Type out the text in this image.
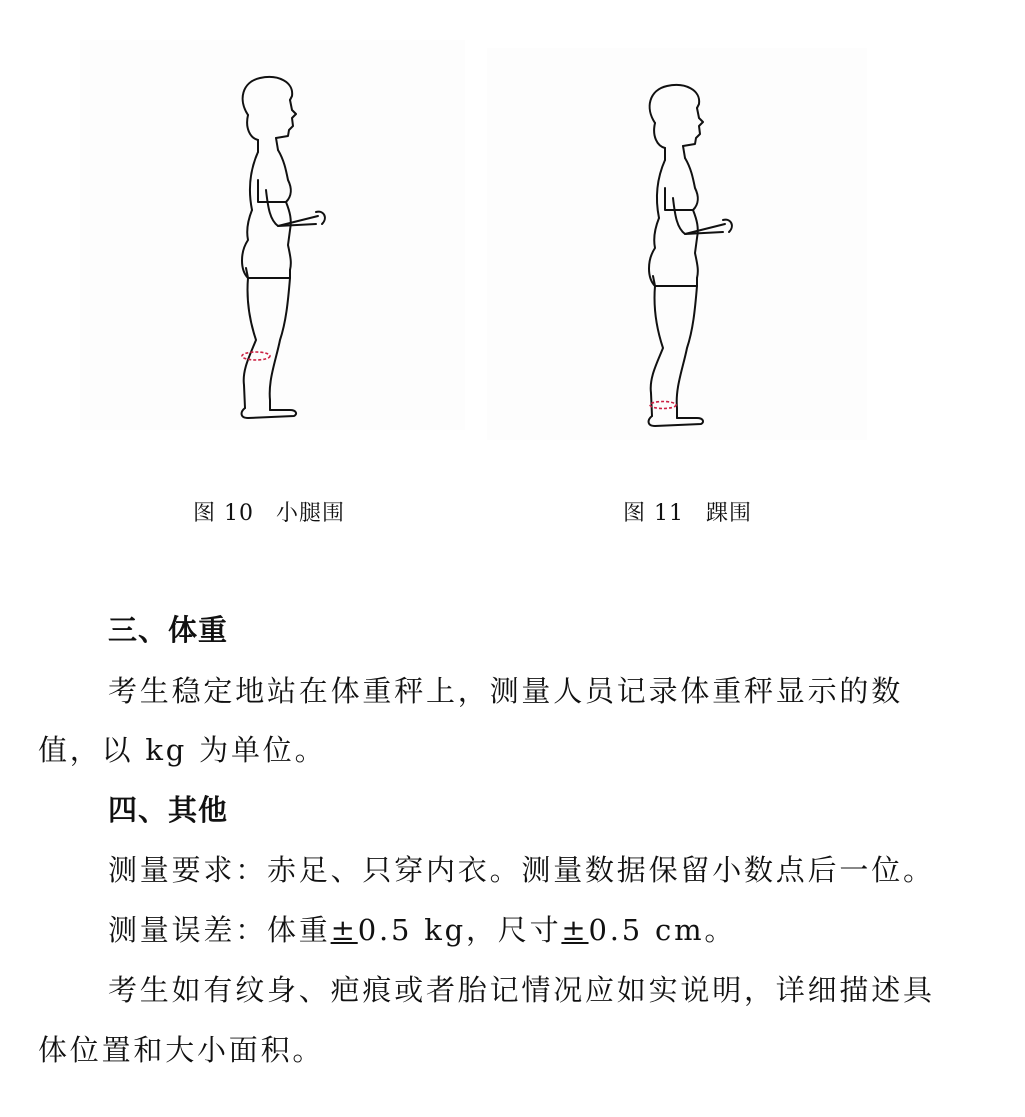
图 10 小腿围	图 11 踝围
三、体重
考生稳定地站在体重秤上，测量人员记录体重秤显示的数
值，以 kg 为单位。
四、其他
测量要求：赤足、只穿内衣。测量数据保留小数点后一位。
测量误差：体重±0.5 kg，尺寸±0.5 cm。
考生如有纹身、疤痕或者胎记情况应如实说明，详细描述具
体位置和大小面积。
